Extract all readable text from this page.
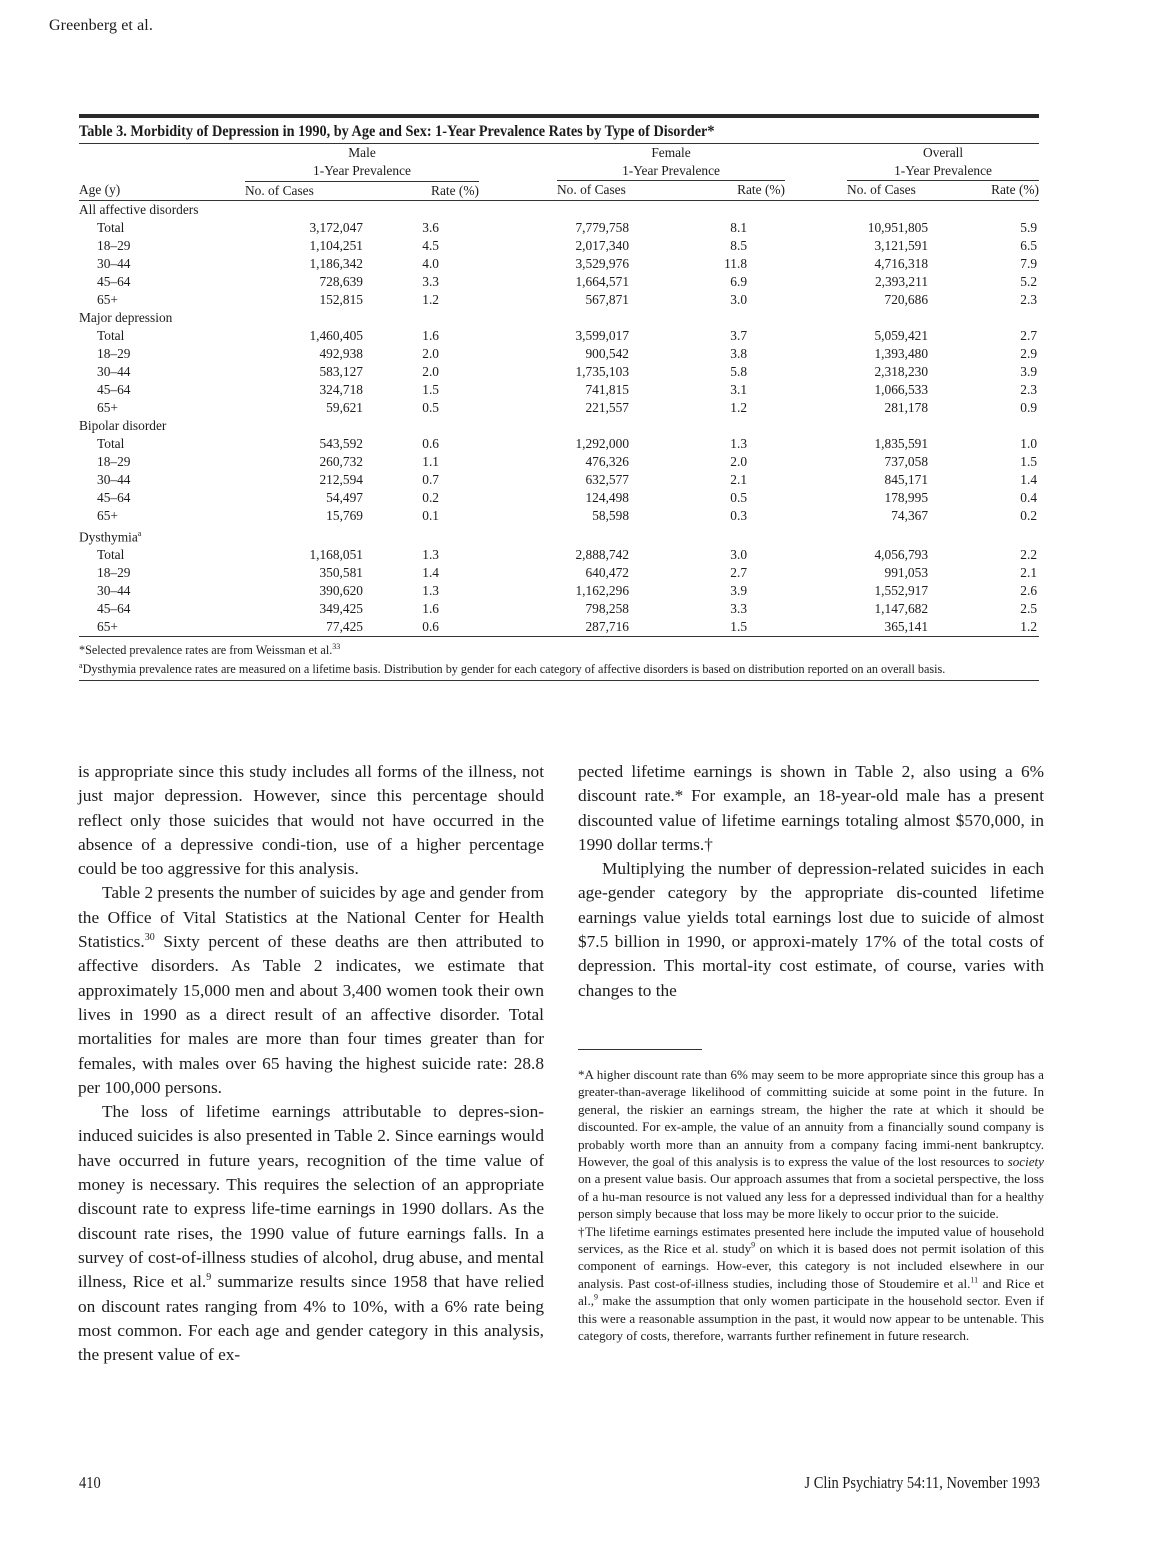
Greenberg et al.
Table 3. Morbidity of Depression in 1990, by Age and Sex: 1-Year Prevalence Rates by Type of Disorder*
	Male		Female		Overall	
	1-Year Prevalence		1-Year Prevalence		1-Year Prevalence	

Age (y)	No. of Cases	Rate (%)	No. of Cases	Rate (%)	No. of Cases	Rate (%)
All affective disorders						
Total	3,172,047	3.6	7,779,758	8.1	10,951,805	5.9
18–29	1,104,251	4.5	2,017,340	8.5	3,121,591	6.5
30–44	1,186,342	4.0	3,529,976	11.8	4,716,318	7.9
45–64	728,639	3.3	1,664,571	6.9	2,393,211	5.2
65+	152,815	1.2	567,871	3.0	720,686	2.3
Major depression						
Total	1,460,405	1.6	3,599,017	3.7	5,059,421	2.7
18–29	492,938	2.0	900,542	3.8	1,393,480	2.9
30–44	583,127	2.0	1,735,103	5.8	2,318,230	3.9
45–64	324,718	1.5	741,815	3.1	1,066,533	2.3
65+	59,621	0.5	221,557	1.2	281,178	0.9
Bipolar disorder						
Total	543,592	0.6	1,292,000	1.3	1,835,591	1.0
18–29	260,732	1.1	476,326	2.0	737,058	1.5
30–44	212,594	0.7	632,577	2.1	845,171	1.4
45–64	54,497	0.2	124,498	0.5	178,995	0.4
65+	15,769	0.1	58,598	0.3	74,367	0.2
Dysthymia$^a$
Total	1,168,051	1.3	2,888,742	3.0	4,056,793	2.2
18–29	350,581	1.4	640,472	2.7	991,053	2.1
30–44	390,620	1.3	1,162,296	3.9	1,552,917	2.6
45–64	349,425	1.6	798,258	3.3	1,147,682	2.5
65+	77,425	0.6	287,716	1.5	365,141	1.2
*Selected prevalence rates are from Weissman et al.$^{33}$
$^a$Dysthymia prevalence rates are measured on a lifetime basis. Distribution by gender for each category of affective disorders is based on distribution reported on an overall basis.

is appropriate since this study includes all forms of the illness, not just major depression. However, since this percentage should reflect only those suicides that would not have occurred in the absence of a depressive condi-tion, use of a higher percentage could be too aggressive for this analysis.

Table 2 presents the number of suicides by age and gender from the Office of Vital Statistics at the National Center for Health Statistics.$^{30}$ Sixty percent of these deaths are then attributed to affective disorders. As Table 2 indicates, we estimate that approximately 15,000 men and about 3,400 women took their own lives in 1990 as a direct result of an affective disorder. Total mortalities for males are more than four times greater than for females, with males over 65 having the highest suicide rate: 28.8 per 100,000 persons.

The loss of lifetime earnings attributable to depres-sion-induced suicides is also presented in Table 2. Since earnings would have occurred in future years, recognition of the time value of money is necessary. This requires the selection of an appropriate discount rate to express life-time earnings in 1990 dollars. As the discount rate rises, the 1990 value of future earnings falls. In a survey of cost-of-illness studies of alcohol, drug abuse, and mental illness, Rice et al.$^9$ summarize results since 1958 that have relied on discount rates ranging from 4% to 10%, with a 6% rate being most common. For each age and gender category in this analysis, the present value of ex-

pected lifetime earnings is shown in Table 2, also using a 6% discount rate.* For example, an 18-year-old male has a present discounted value of lifetime earnings totaling almost $570,000, in 1990 dollar terms.†

Multiplying the number of depression-related suicides in each age-gender category by the appropriate dis-counted lifetime earnings value yields total earnings lost due to suicide of almost $7.5 billion in 1990, or approxi-mately 17% of the total costs of depression. This mortal-ity cost estimate, of course, varies with changes to the

*A higher discount rate than 6% may seem to be more appropriate since this group has a greater-than-average likelihood of committing suicide at some point in the future. In general, the riskier an earnings stream, the higher the rate at which it should be discounted. For ex-ample, the value of an annuity from a financially sound company is probably worth more than an annuity from a company facing immi-nent bankruptcy. However, the goal of this analysis is to express the value of the lost resources to society on a present value basis. Our approach assumes that from a societal perspective, the loss of a hu-man resource is not valued any less for a depressed individual than for a healthy person simply because that loss may be more likely to occur prior to the suicide.

†The lifetime earnings estimates presented here include the imputed value of household services, as the Rice et al. study$^9$ on which it is based does not permit isolation of this component of earnings. How-ever, this category is not included elsewhere in our analysis. Past cost-of-illness studies, including those of Stoudemire et al.$^{11}$ and Rice et al.,$^9$ make the assumption that only women participate in the household sector. Even if this were a reasonable assumption in the past, it would now appear to be untenable. This category of costs, therefore, warrants further refinement in future research.

410	J Clin Psychiatry 54:11, November 1993
